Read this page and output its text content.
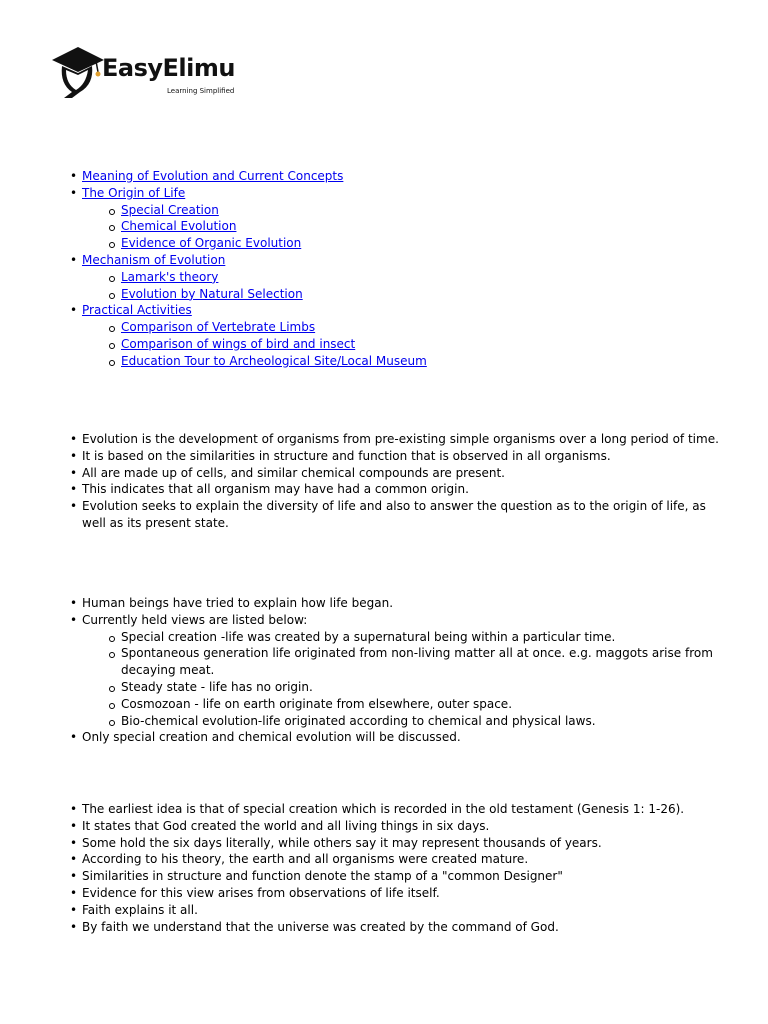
EasyElimu
Learning Simplified
• Meaning of Evolution and Current Concepts
• The Origin of Life
Special Creation
Chemical Evolution
Evidence of Organic Evolution
• Mechanism of Evolution
Lamark's theory
Evolution by Natural Selection
• Practical Activities
Comparison of Vertebrate Limbs
Comparison of wings of bird and insect
Education Tour to Archeological Site/Local Museum
• Evolution is the development of organisms from pre-existing simple organisms over a long period of time.
• It is based on the similarities in structure and function that is observed in all organisms.
• All are made up of cells, and similar chemical compounds are present.
• This indicates that all organism may have had a common origin.
• Evolution seeks to explain the diversity of life and also to answer the question as to the origin of life, as well as its present state.
• Human beings have tried to explain how life began.
• Currently held views are listed below:
Special creation -life was created by a supernatural being within a particular time.
Spontaneous generation life originated from non-living matter all at once. e.g. maggots arise from decaying meat.
Steady state - life has no origin.
Cosmozoan - life on earth originate from elsewhere, outer space.
Bio-chemical evolution-life originated according to chemical and physical laws.
• Only special creation and chemical evolution will be discussed.
• The earliest idea is that of special creation which is recorded in the old testament (Genesis 1: 1-26).
• It states that God created the world and all living things in six days.
• Some hold the six days literally, while others say it may represent thousands of years.
• According to his theory, the earth and all organisms were created mature.
• Similarities in structure and function denote the stamp of a "common Designer"
• Evidence for this view arises from observations of life itself.
• Faith explains it all.
• By faith we understand that the universe was created by the command of God.
